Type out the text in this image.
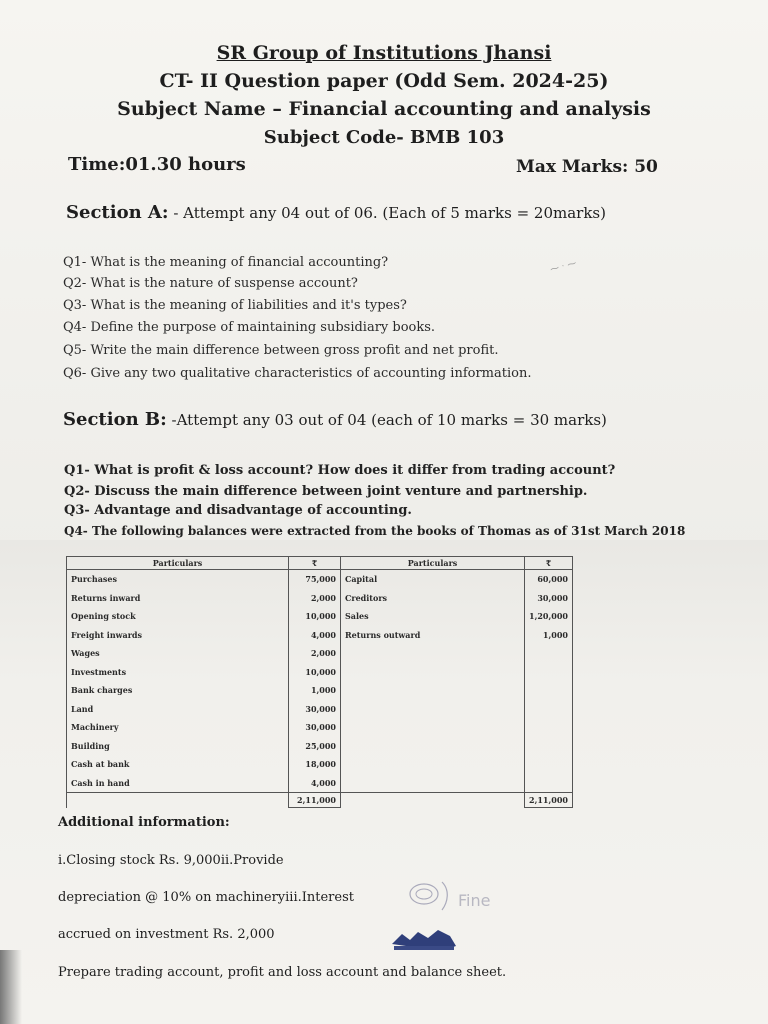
SR Group of Institutions Jhansi
CT- II Question paper (Odd Sem. 2024-25)
Subject Name – Financial accounting and analysis
Subject Code- BMB 103
Time:01.30 hours	Max Marks: 50
Section A: - Attempt any 04 out of 06. (Each of 5 marks = 20marks)
Q1- What is the meaning of financial accounting?
Q2- What is the nature of suspense account?
Q3- What is the meaning of liabilities and it's types?
Q4- Define the purpose of maintaining subsidiary books.
Q5- Write the main difference between gross profit and net profit.
Q6- Give any two qualitative characteristics of accounting information.
⁓ ˑ ⁓
Section B: -Attempt any 03 out of 04 (each of 10 marks = 30 marks)
Q1- What is profit & loss account? How does it differ from trading account?
Q2- Discuss the main difference between joint venture and partnership.
Q3- Advantage and disadvantage of accounting.
Q4- The following balances were extracted from the books of Thomas as of 31st March 2018
Particulars	₹	Particulars	₹
Purchases	75,000	Capital	60,000
Returns inward	2,000	Creditors	30,000
Opening stock	10,000	Sales	1,20,000
Freight inwards	4,000	Returns outward	1,000
Wages	2,000		
Investments	10,000		
Bank charges	1,000		
Land	30,000		
Machinery	30,000		
Building	25,000		
Cash at bank	18,000		
Cash in hand	4,000		
	2,11,000		2,11,000
Additional information:
i.Closing stock Rs. 9,000ii.Provide
depreciation @ 10% on machineryiii.Interest
accrued on investment Rs. 2,000
Prepare trading account, profit and loss account and balance sheet.
Fine
